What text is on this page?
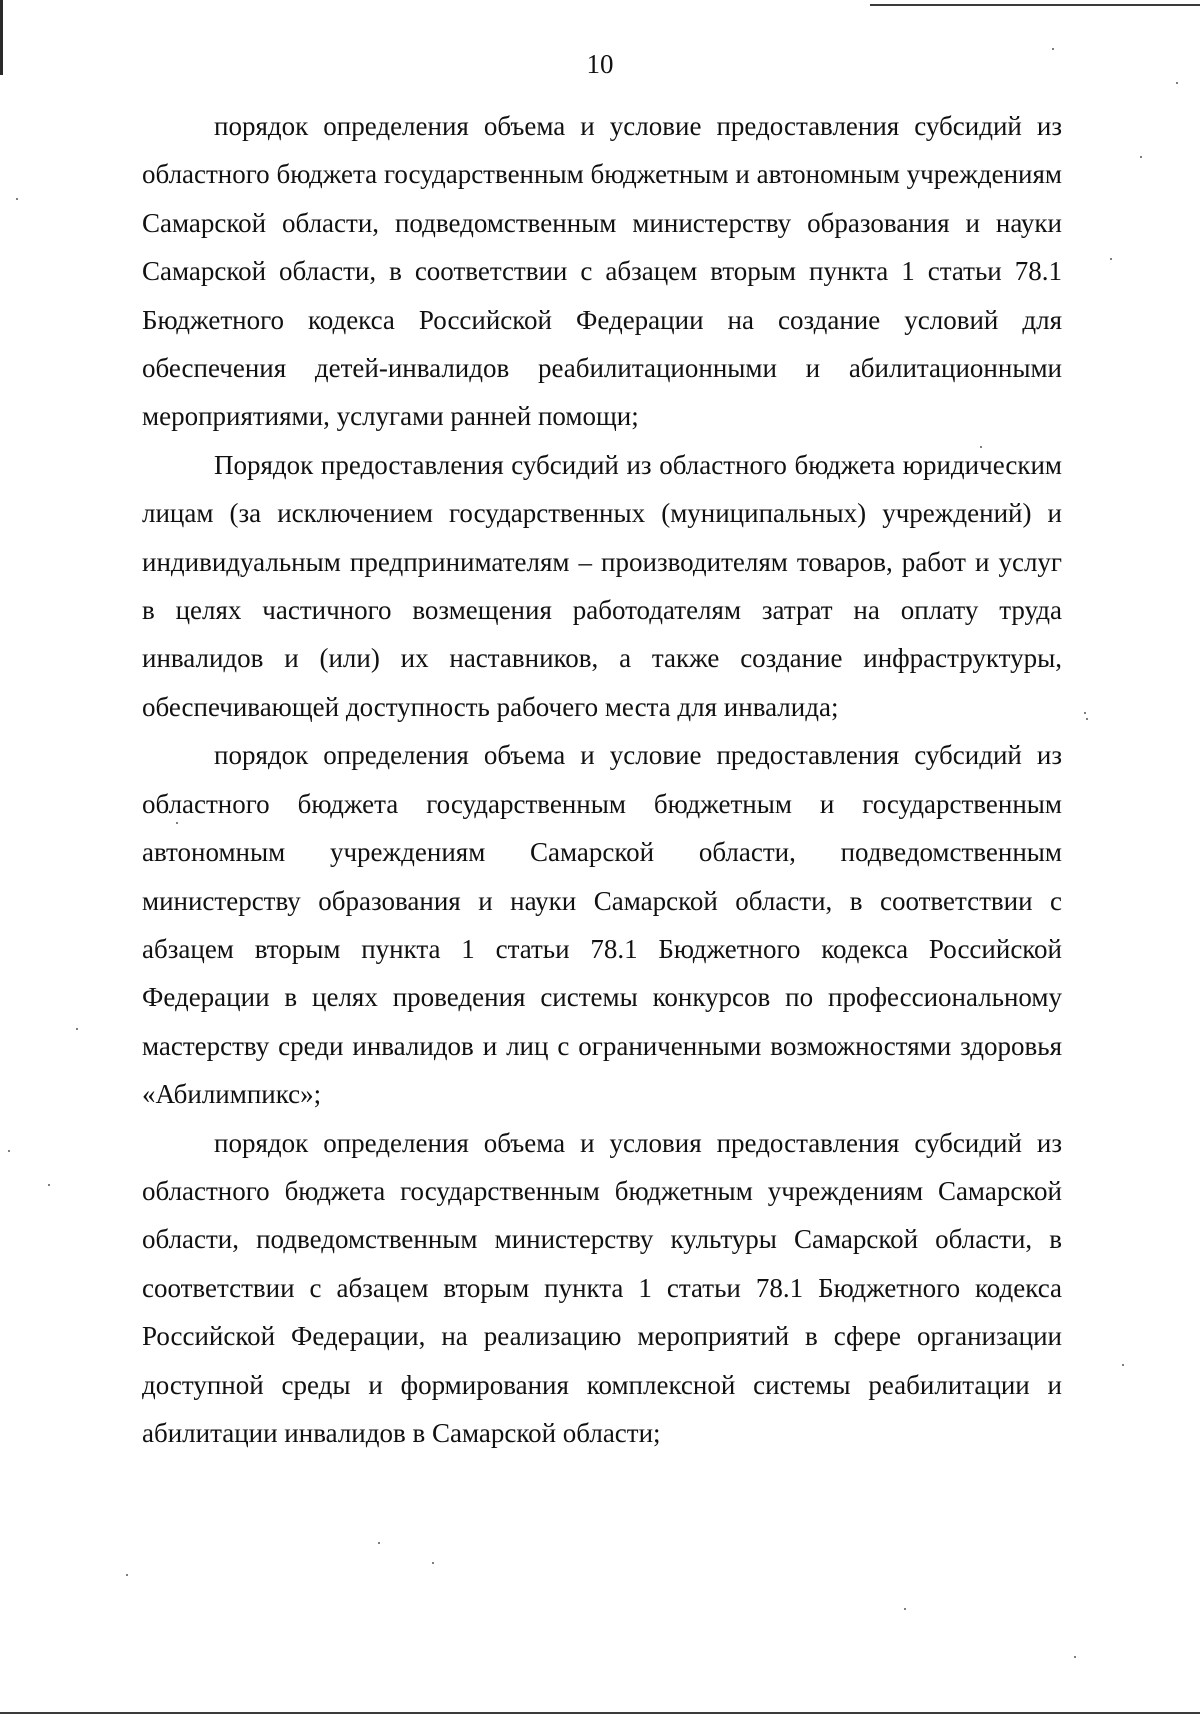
10

порядок определения объема и условие предоставления субсидий из областного бюджета государственным бюджетным и автономным учреждениям Самарской области, подведомственным министерству образования и науки Самарской области, в соответствии с абзацем вторым пункта 1 статьи 78.1 Бюджетного кодекса Российской Федерации на создание условий для обеспечения детей-инвалидов реабилитационными и абилитационными мероприятиями, услугами ранней помощи;

Порядок предоставления субсидий из областного бюджета юридическим лицам (за исключением государственных (муниципальных) учреждений) и индивидуальным предпринимателям – производителям товаров, работ и услуг в целях частичного возмещения работодателям затрат на оплату труда инвалидов и (или) их наставников, а также создание инфраструктуры, обеспечивающей доступность рабочего места для инвалида;

порядок определения объема и условие предоставления субсидий из областного бюджета государственным бюджетным и государственным автономным учреждениям Самарской области, подведомственным министерству образования и науки Самарской области, в соответствии с абзацем вторым пункта 1 статьи 78.1 Бюджетного кодекса Российской Федерации в целях проведения системы конкурсов по профессиональному мастерству среди инвалидов и лиц с ограниченными возможностями здоровья «Абилимпикс»;

порядок определения объема и условия предоставления субсидий из областного бюджета государственным бюджетным учреждениям Самарской области, подведомственным министерству культуры Самарской области, в соответствии с абзацем вторым пункта 1 статьи 78.1 Бюджетного кодекса Российской Федерации, на реализацию мероприятий в сфере организации доступной среды и формирования комплексной системы реабилитации и абилитации инвалидов в Самарской области;
